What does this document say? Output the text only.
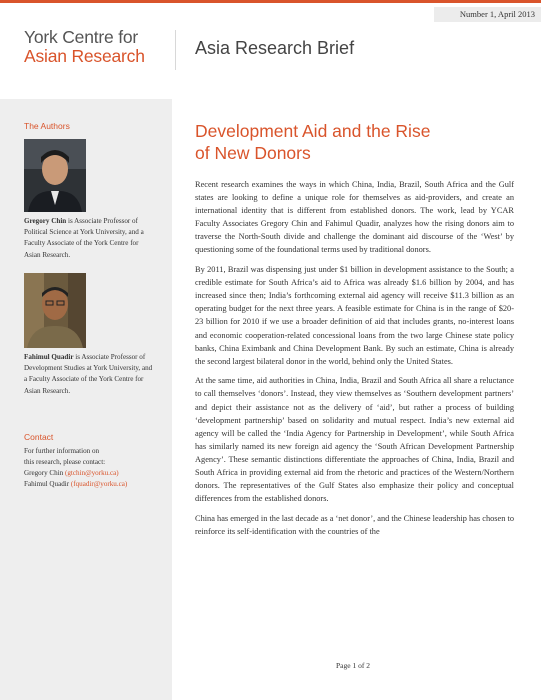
Number 1, April 2013
York Centre for
Asian Research	Asia Research Brief
The Authors
Gregory Chin is Associate Professor of Political Science at York University, and a Faculty Associate of the York Centre for Asian Research.
Fahimul Quadir is Associate Professor of Development Studies at York University, and a Faculty Associate of the York Centre for Asian Research.
Contact
For further information on
this research, please contact:
Gregory Chin (gtchin@yorku.ca)
Fahimul Quadir (fquadir@yorku.ca)
Development Aid and the Rise
of New Donors

Recent research examines the ways in which China, India, Brazil, South Africa and the Gulf states are looking to define a unique role for themselves as aid-providers, and create an international identity that is different from established donors. The work, lead by YCAR Faculty Associates Gregory Chin and Fahimul Quadir, analyzes how the rising donors aim to traverse the North-South divide and challenge the dominant aid discourse of the ‘West’ by questioning some of the foundational terms used by traditional donors.

By 2011, Brazil was dispensing just under $1 billion in development assistance to the South; a credible estimate for South Africa’s aid to Africa was already $1.6 billion by 2004, and has increased since then; India’s forthcoming external aid agency will receive $11.3 billion as an operating budget for the next three years. A feasible estimate for China is in the range of $20-23 billion for 2010 if we use a broader definition of aid that includes grants, no-interest loans and economic cooperation-related concessional loans from the two large Chinese state policy banks, China Eximbank and China Development Bank. By such an estimate, China is already the second largest bilateral donor in the world, behind only the United States.

At the same time, aid authorities in China, India, Brazil and South Africa all share a reluctance to call themselves ‘donors’. Instead, they view themselves as ‘Southern development partners’ and depict their assistance not as the delivery of ‘aid’, but rather a process of building ‘development partnership’ based on solidarity and mutual respect. India’s new external aid agency will be called the ‘India Agency for Partnership in Development’, while South Africa has similarly named its new foreign aid agency the ‘South African Development Partnership Agency’. These semantic distinctions differentiate the approaches of China, India, Brazil and South Africa in providing external aid from the rhetoric and practices of the Western/Northern donors. The representatives of the Gulf States also emphasize their policy and conceptual differences from the established donors.

China has emerged in the last decade as a ‘net donor’, and the Chinese leadership has chosen to reinforce its self-identification with the countries of the

Page 1 of 2
